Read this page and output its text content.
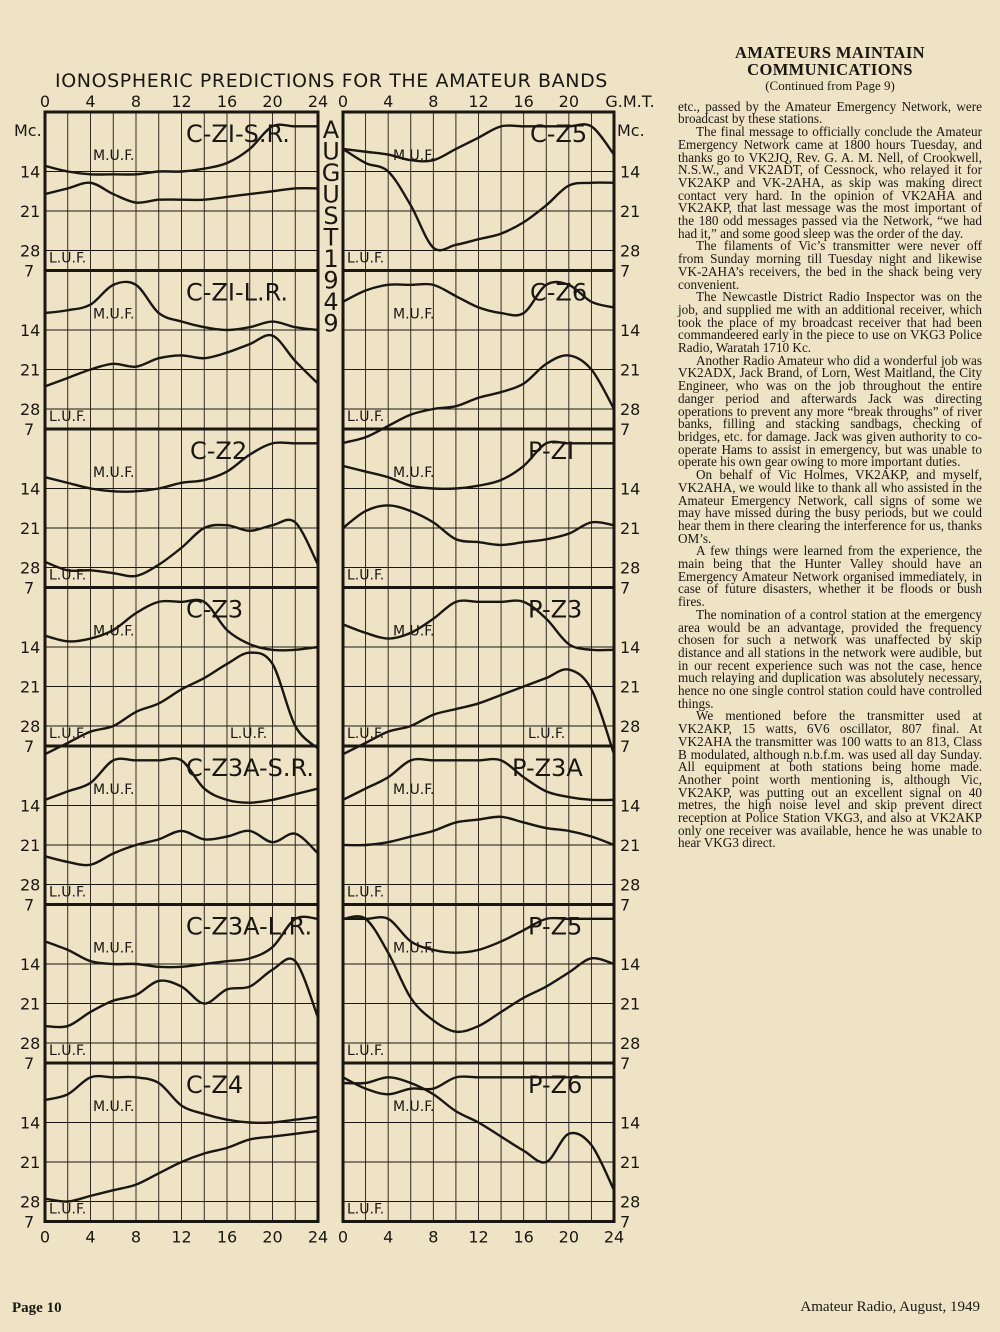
IONOSPHERIC PREDICTIONS FOR THE AMATEUR BANDS
C-ZI-S.R.
M.U.F.
L.U.F.
C-ZI-L.R.
M.U.F.
L.U.F.
C-Z2
M.U.F.
L.U.F.
C-Z3
M.U.F.
L.U.F.	L.U.F.
C-Z3A-S.R.
M.U.F.
L.U.F.
C-Z3A-L.R.
M.U.F.
L.U.F.
C-Z4
M.U.F.
L.U.F.
C-Z5
M.U.F.
L.U.F.
C-Z6
M.U.F.
L.U.F.
P-ZI
M.U.F.
L.U.F.
P-Z3
M.U.F.
L.U.F.	L.U.F.
P-Z3A
M.U.F.
L.U.F.
P-Z5
M.U.F.
L.U.F.
P-Z6
M.U.F.
L.U.F.
0 4 8 12 16 20 24
0 4 8 12 16 20 24
0 4 8 12 16 20 24
0 4 8 12 16 20 G.M.T.
Mc.	Mc.
28	28
21	21
14	14
7	7
28	28
21	21
14	14
7	7
28	28
21	21
14	14
7	7
28	28
21	21
14	14
7	7
28	28
21	21
14	14
7	7
28	28
21	21
14	14
7	7
28	28
21	21
14	14
7	7
A
U
G
U
S
T
1
9
4
9
AMATEURS MAINTAIN
COMMUNICATIONS
(Continued from Page 9)

etc., passed by the Amateur Emergency Network, were broadcast by these stations.

The final message to officially conclude the Amateur Emergency Network came at 1800 hours Tuesday, and thanks go to VK2JQ, Rev. G. A. M. Nell, of Crookwell, N.S.W., and VK2ADT, of Cessnock, who relayed it for VK2AKP and VK-2AHA, as skip was making direct contact very hard. In the opinion of VK2AHA and VK2AKP, that last message was the most important of the 180 odd messages passed via the Network, “we had had it,” and some good sleep was the order of the day.

The filaments of Vic’s transmitter were never off from Sunday morning till Tuesday night and likewise VK-2AHA’s receivers, the bed in the shack being very convenient.

The Newcastle District Radio Inspector was on the job, and supplied me with an additional receiver, which took the place of my broadcast receiver that had been commandeered early in the piece to use on VKG3 Police Radio, Waratah 1710 Kc.

Another Radio Amateur who did a wonderful job was VK2ADX, Jack Brand, of Lorn, West Maitland, the City Engineer, who was on the job throughout the entire danger period and afterwards Jack was directing operations to prevent any more “break throughs” of river banks, filling and stacking sandbags, checking of bridges, etc. for damage. Jack was given authority to co-operate Hams to assist in emergency, but was unable to operate his own gear owing to more important duties.

On behalf of Vic Holmes, VK2AKP, and myself, VK2AHA, we would like to thank all who assisted in the Amateur Emergency Network, call signs of some we may have missed during the busy periods, but we could hear them in there clearing the interference for us, thanks OM’s.

A few things were learned from the experience, the main being that the Hunter Valley should have an Emergency Amateur Network organised immediately, in case of future disasters, whether it be floods or bush fires.

The nomination of a control station at the emergency area would be an advantage, provided the frequency chosen for such a network was unaffected by skip distance and all stations in the network were audible, but in our recent experience such was not the case, hence much relaying and duplication was absolutely necessary, hence no one single control station could have controlled things.

We mentioned before the transmitter used at VK2AKP, 15 watts, 6V6 oscillator, 807 final. At VK2AHA the transmitter was 100 watts to an 813, Class B modulated, although n.b.f.m. was used all day Sunday. All equipment at both stations being home made. Another point worth mentioning is, although Vic, VK2AKP, was putting out an excellent signal on 40 metres, the high noise level and skip prevent direct reception at Police Station VKG3, and also at VK2AKP only one receiver was available, hence he was unable to hear VKG3 direct.

Page 10	Amateur Radio, August, 1949
